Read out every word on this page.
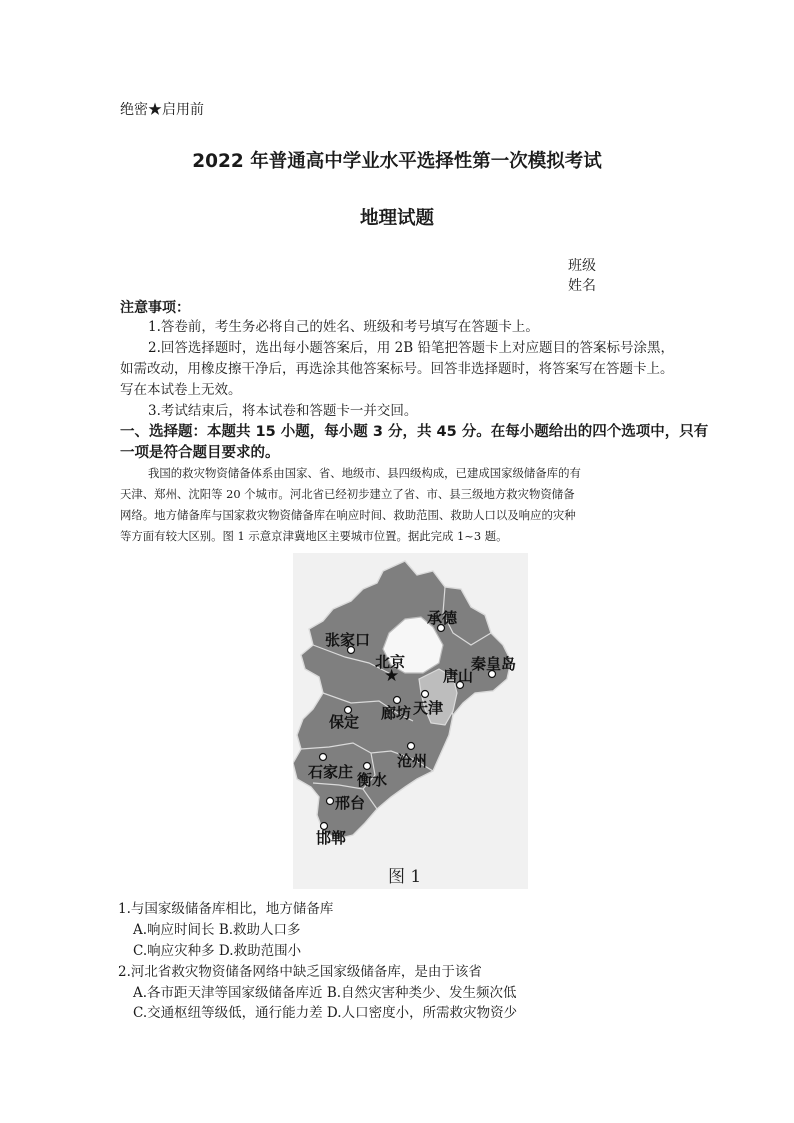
绝密★启用前
2022 年普通高中学业水平选择性第一次模拟考试
地理试题
班级
姓名
注意事项：
1.答卷前，考生务必将自己的姓名、班级和考号填写在答题卡上。
2.回答选择题时，选出每小题答案后，用 2B 铅笔把答题卡上对应题目的答案标号涂黑，
如需改动，用橡皮擦干净后，再选涂其他答案标号。回答非选择题时，将答案写在答题卡上。
写在本试卷上无效。
3.考试结束后，将本试卷和答题卡一并交回。
一、选择题：本题共 15 小题，每小题 3 分，共 45 分。在每小题给出的四个选项中，只有
一项是符合题目要求的。
我国的救灾物资储备体系由国家、省、地级市、县四级构成，已建成国家级储备库的有
天津、郑州、沈阳等 20 个城市。河北省已经初步建立了省、市、县三级地方救灾物资储备
网络。地方储备库与国家救灾物资储备库在响应时间、救助范围、救助人口以及响应的灾种
等方面有较大区别。图 1 示意京津冀地区主要城市位置。据此完成 1~3 题。
★
承德
张家口
北京	秦皇岛
唐山
廊坊 天津
保定
沧州
石家庄 衡水
邢台
邯郸
图 1
1.与国家级储备库相比，地方储备库
A.响应时间长 B.救助人口多
C.响应灾种多 D.救助范围小
2.河北省救灾物资储备网络中缺乏国家级储备库，是由于该省
A.各市距天津等国家级储备库近 B.自然灾害种类少、发生频次低
C.交通枢纽等级低，通行能力差 D.人口密度小，所需救灾物资少
